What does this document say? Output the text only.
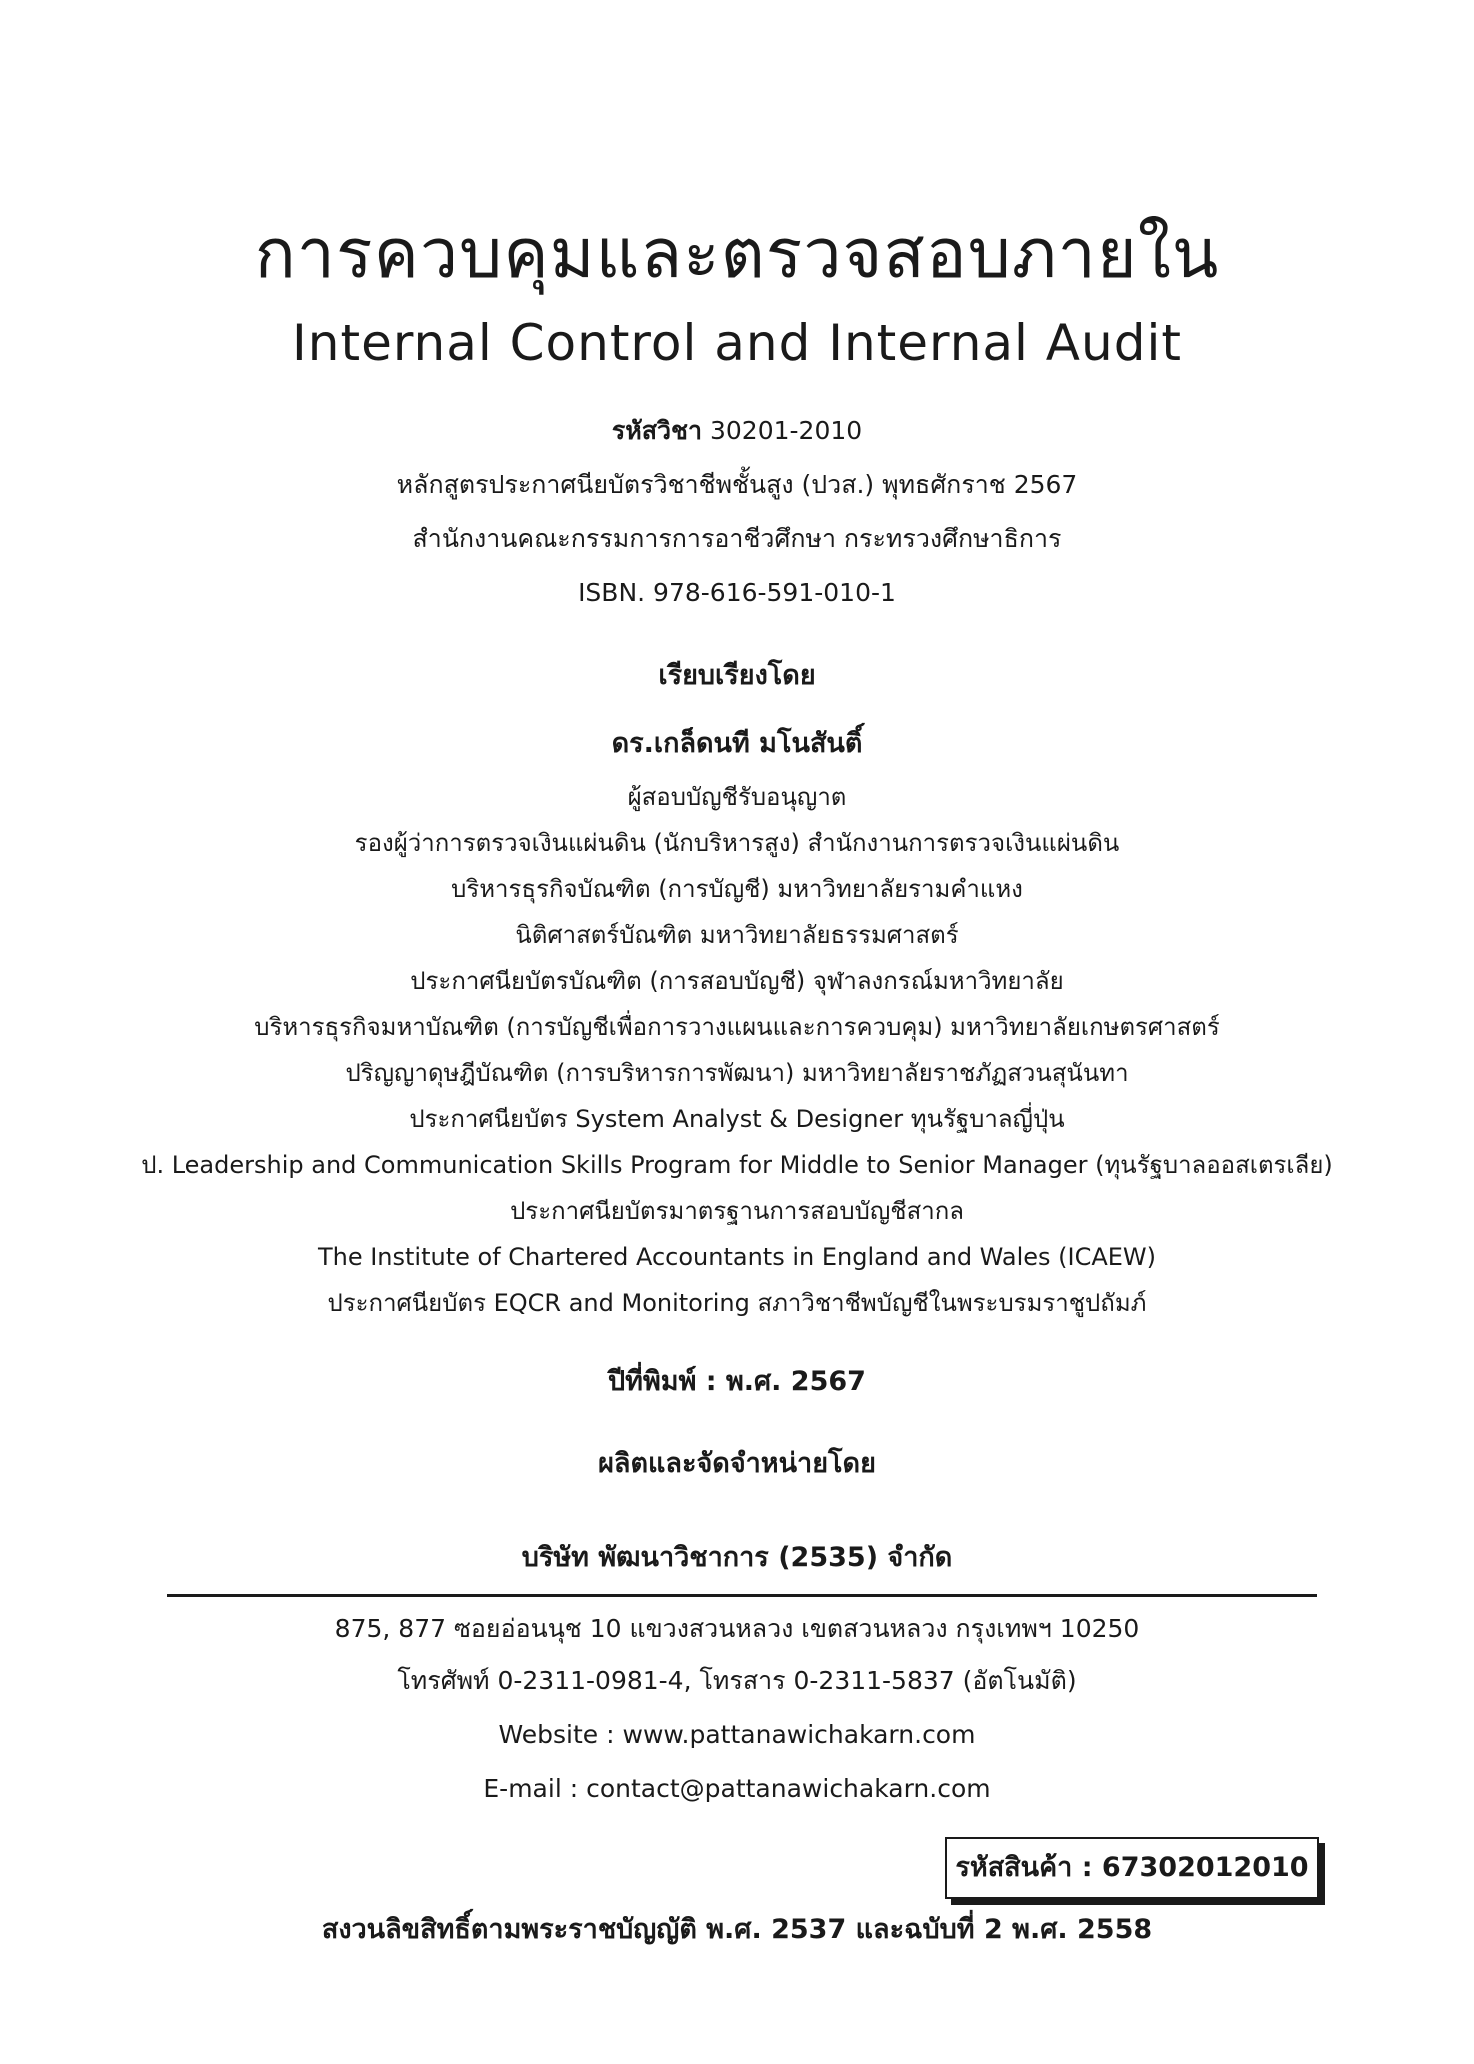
การควบคุมและตรวจสอบภายใน
Internal Control and Internal Audit
รหัสวิชา 30201-2010
หลักสูตรประกาศนียบัตรวิชาชีพชั้นสูง (ปวส.) พุทธศักราช 2567
สำนักงานคณะกรรมการการอาชีวศึกษา กระทรวงศึกษาธิการ
ISBN. 978-616-591-010-1
เรียบเรียงโดย
ดร.เกล็ดนที มโนสันติ์
ผู้สอบบัญชีรับอนุญาต
รองผู้ว่าการตรวจเงินแผ่นดิน (นักบริหารสูง) สำนักงานการตรวจเงินแผ่นดิน
บริหารธุรกิจบัณฑิต (การบัญชี) มหาวิทยาลัยรามคำแหง
นิติศาสตร์บัณฑิต มหาวิทยาลัยธรรมศาสตร์
ประกาศนียบัตรบัณฑิต (การสอบบัญชี) จุฬาลงกรณ์มหาวิทยาลัย
บริหารธุรกิจมหาบัณฑิต (การบัญชีเพื่อการวางแผนและการควบคุม) มหาวิทยาลัยเกษตรศาสตร์
ปริญญาดุษฎีบัณฑิต (การบริหารการพัฒนา) มหาวิทยาลัยราชภัฏสวนสุนันทา
ประกาศนียบัตร System Analyst & Designer ทุนรัฐบาลญี่ปุ่น
ป. Leadership and Communication Skills Program for Middle to Senior Manager (ทุนรัฐบาลออสเตรเลีย)
ประกาศนียบัตรมาตรฐานการสอบบัญชีสากล
The Institute of Chartered Accountants in England and Wales (ICAEW)
ประกาศนียบัตร EQCR and Monitoring สภาวิชาชีพบัญชีในพระบรมราชูปถัมภ์
ปีที่พิมพ์ : พ.ศ. 2567
ผลิตและจัดจำหน่ายโดย
บริษัท พัฒนาวิชาการ (2535) จำกัด
875, 877 ซอยอ่อนนุช 10 แขวงสวนหลวง เขตสวนหลวง กรุงเทพฯ 10250
โทรศัพท์ 0-2311-0981-4, โทรสาร 0-2311-5837 (อัตโนมัติ)
Website : www.pattanawichakarn.com
E-mail : contact@pattanawichakarn.com
รหัสสินค้า : 67302012010
สงวนลิขสิทธิ์ตามพระราชบัญญัติ พ.ศ. 2537 และฉบับที่ 2 พ.ศ. 2558
